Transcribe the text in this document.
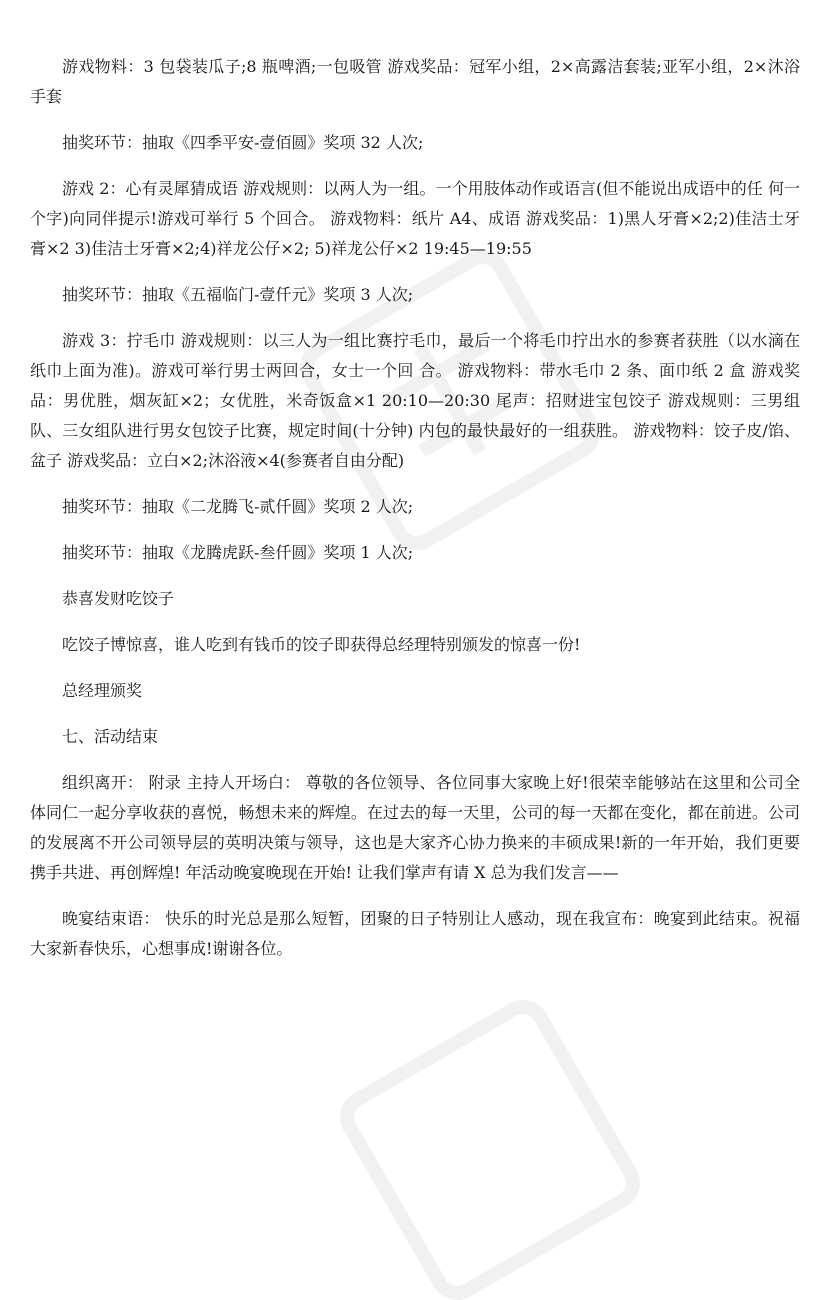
游戏物料：3 包袋装瓜子;8 瓶啤酒;一包吸管 游戏奖品：冠军小组，2×高露洁套装;亚军小组，2×沐浴手套

抽奖环节：抽取《四季平安-壹佰圆》奖项 32 人次;

游戏 2：心有灵犀猜成语 游戏规则：以两人为一组。一个用肢体动作或语言(但不能说出成语中的任 何一个字)向同伴提示!游戏可举行 5 个回合。 游戏物料：纸片 A4、成语 游戏奖品：1)黑人牙膏×2;2)佳洁士牙膏×2 3)佳洁士牙膏×2;4)祥龙公仔×2; 5)祥龙公仔×2 19:45—19:55

抽奖环节：抽取《五福临门-壹仟元》奖项 3 人次;

游戏 3：拧毛巾 游戏规则：以三人为一组比赛拧毛巾，最后一个将毛巾拧出水的参赛者获胜（以水滴在纸巾上面为准)。游戏可举行男士两回合，女士一个回 合。 游戏物料：带水毛巾 2 条、面巾纸 2 盒 游戏奖品：男优胜，烟灰缸×2；女优胜，米奇饭盒×1 20:10—20:30 尾声：招财进宝包饺子 游戏规则：三男组队、三女组队进行男女包饺子比赛，规定时间(十分钟) 内包的最快最好的一组获胜。 游戏物料：饺子皮/馅、盆子 游戏奖品：立白×2;沐浴液×4(参赛者自由分配)

抽奖环节：抽取《二龙腾飞-贰仟圆》奖项 2 人次;

抽奖环节：抽取《龙腾虎跃-叁仟圆》奖项 1 人次;

恭喜发财吃饺子

吃饺子博惊喜，谁人吃到有钱币的饺子即获得总经理特别颁发的惊喜一份!

总经理颁奖

七、活动结束

组织离开： 附录 主持人开场白： 尊敬的各位领导、各位同事大家晚上好!很荣幸能够站在这里和公司全体同仁一起分享收获的喜悦，畅想未来的辉煌。在过去的每一天里，公司的每一天都在变化，都在前进。公司的发展离不开公司领导层的英明决策与领导，这也是大家齐心协力换来的丰硕成果!新的一年开始，我们更要携手共进、再创辉煌! 年活动晚宴晚现在开始! 让我们掌声有请 X 总为我们发言——

晚宴结束语： 快乐的时光总是那么短暂，团聚的日子特别让人感动，现在我宣布：晚宴到此结束。祝福大家新春快乐，心想事成!谢谢各位。
